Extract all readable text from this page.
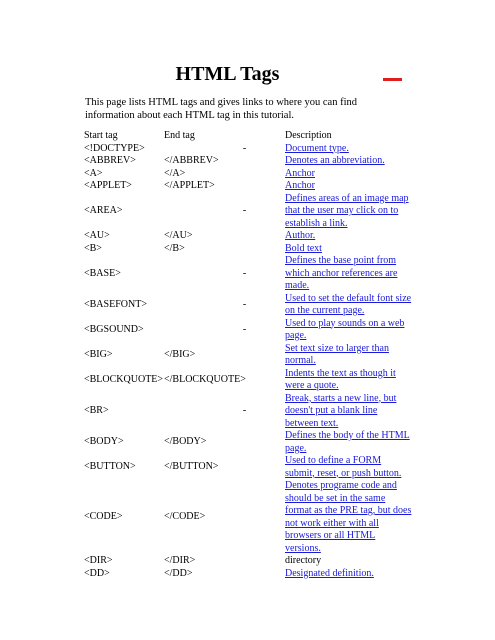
HTML Tags
This page lists HTML tags and gives links to where you can find information about each HTML tag in this tutorial.
Start tag	End tag	Description
<!DOCTYPE>	-	Document type.
<ABBREV>	</ABBREV>	Denotes an abbreviation.
<A>	</A>	Anchor
<APPLET>	</APPLET>	Anchor
<AREA>	-	Defines areas of an image map that the user may click on to establish a link.
<AU>	</AU>	Author.
<B>	</B>	Bold text
<BASE>	-	Defines the base point from which anchor references are made.
<BASEFONT>	-	Used to set the default font size on the current page.
<BGSOUND>	-	Used to play sounds on a web page.
<BIG>	</BIG>	Set text size to larger than normal.
<BLOCKQUOTE>	</BLOCKQUOTE>	Indents the text as though it were a quote.
<BR>	-	Break, starts a new line, but doesn't put a blank line between text.
<BODY>	</BODY>	Defines the body of the HTML page.
<BUTTON>	</BUTTON>	Used to define a FORM submit, reset, or push button.
<CODE>	</CODE>	Denotes programe code and should be set in the same format as the PRE tag, but does not work either with all browsers or all HTML versions.
<DIR>	</DIR>	directory
<DD>	</DD>	Designated definition.
